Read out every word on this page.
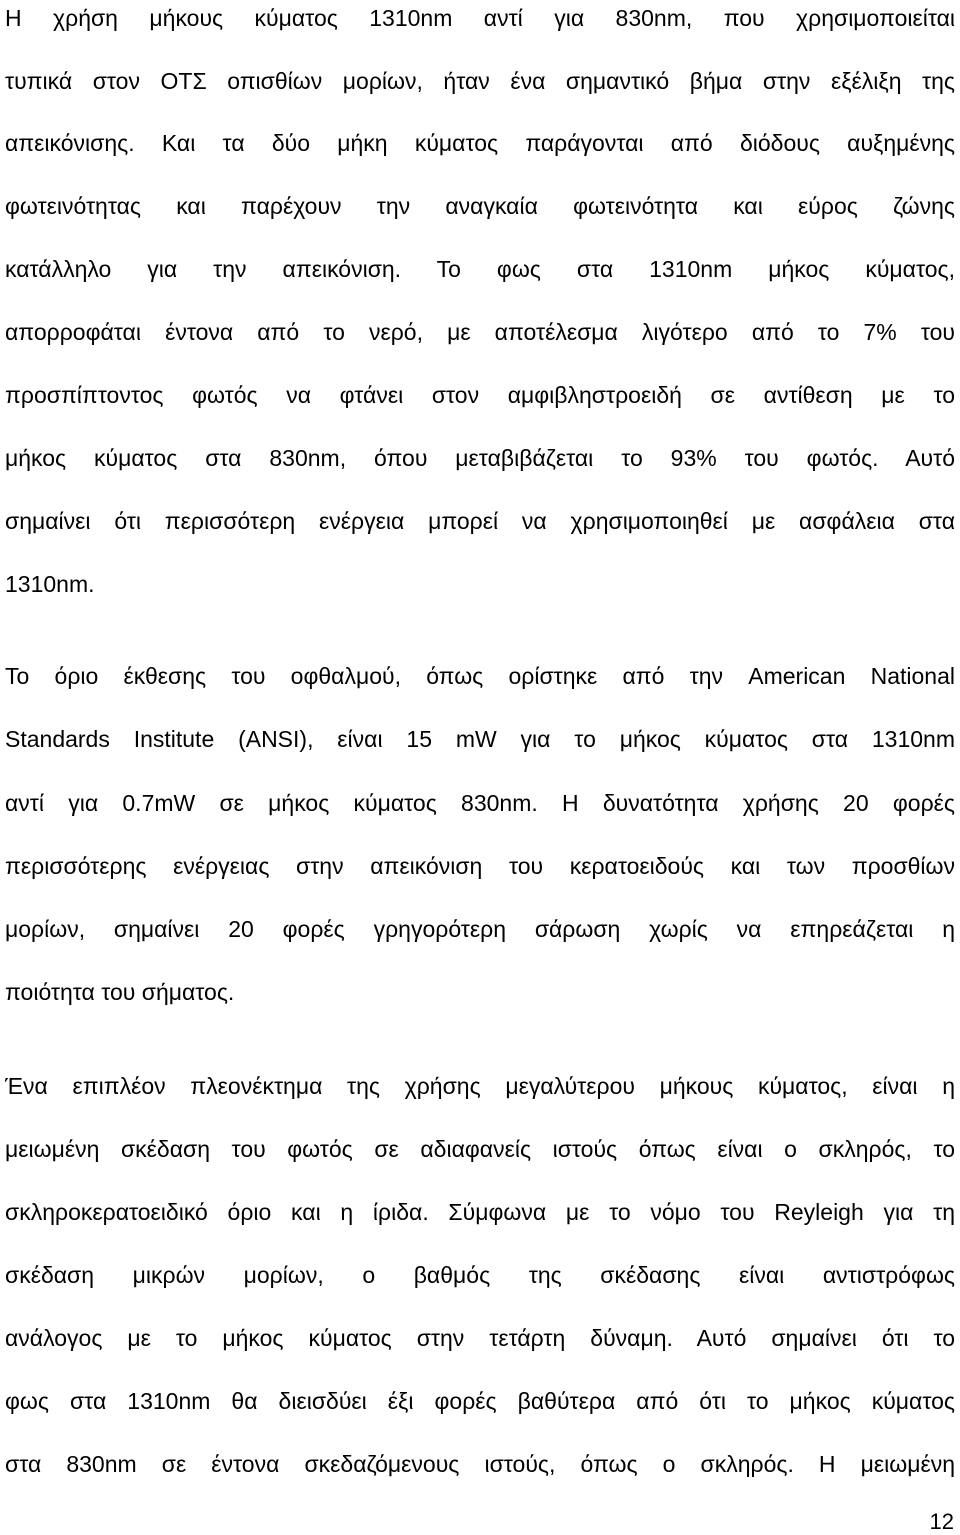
Η χρήση μήκους κύματος 1310nm αντί για 830nm, που χρησιμοποιείται
τυπικά στον ΟΤΣ οπισθίων μορίων, ήταν ένα σημαντικό βήμα στην εξέλιξη της
απεικόνισης. Και τα δύο μήκη κύματος παράγονται από διόδους αυξημένης
φωτεινότητας και παρέχουν την αναγκαία φωτεινότητα και εύρος ζώνης
κατάλληλο για την απεικόνιση. Το φως στα 1310nm μήκος κύματος,
απορροφάται έντονα από το νερό, με αποτέλεσμα λιγότερο από το 7% του
προσπίπτοντος φωτός να φτάνει στον αμφιβληστροειδή σε αντίθεση με το
μήκος κύματος στα 830nm, όπου μεταβιβάζεται το 93% του φωτός. Αυτό
σημαίνει ότι περισσότερη ενέργεια μπορεί να χρησιμοποιηθεί με ασφάλεια στα
1310nm.
Το όριο έκθεσης του οφθαλμού, όπως ορίστηκε από την American National
Standards Institute (ANSI), είναι 15 mW για το μήκος κύματος στα 1310nm
αντί για 0.7mW σε μήκος κύματος 830nm. Η δυνατότητα χρήσης 20 φορές
περισσότερης ενέργειας στην απεικόνιση του κερατοειδούς και των προσθίων
μορίων, σημαίνει 20 φορές γρηγορότερη σάρωση χωρίς να επηρεάζεται η
ποιότητα του σήματος.
Ένα επιπλέον πλεονέκτημα της χρήσης μεγαλύτερου μήκους κύματος, είναι η
μειωμένη σκέδαση του φωτός σε αδιαφανείς ιστούς όπως είναι ο σκληρός, το
σκληροκερατοειδικό όριο και η ίριδα. Σύμφωνα με το νόμο του Reyleigh για τη
σκέδαση μικρών μορίων, ο βαθμός της σκέδασης είναι αντιστρόφως
ανάλογος με το μήκος κύματος στην τετάρτη δύναμη. Αυτό σημαίνει ότι το
φως στα 1310nm θα διεισδύει έξι φορές βαθύτερα από ότι το μήκος κύματος
στα 830nm σε έντονα σκεδαζόμενους ιστούς, όπως ο σκληρός. Η μειωμένη
12
